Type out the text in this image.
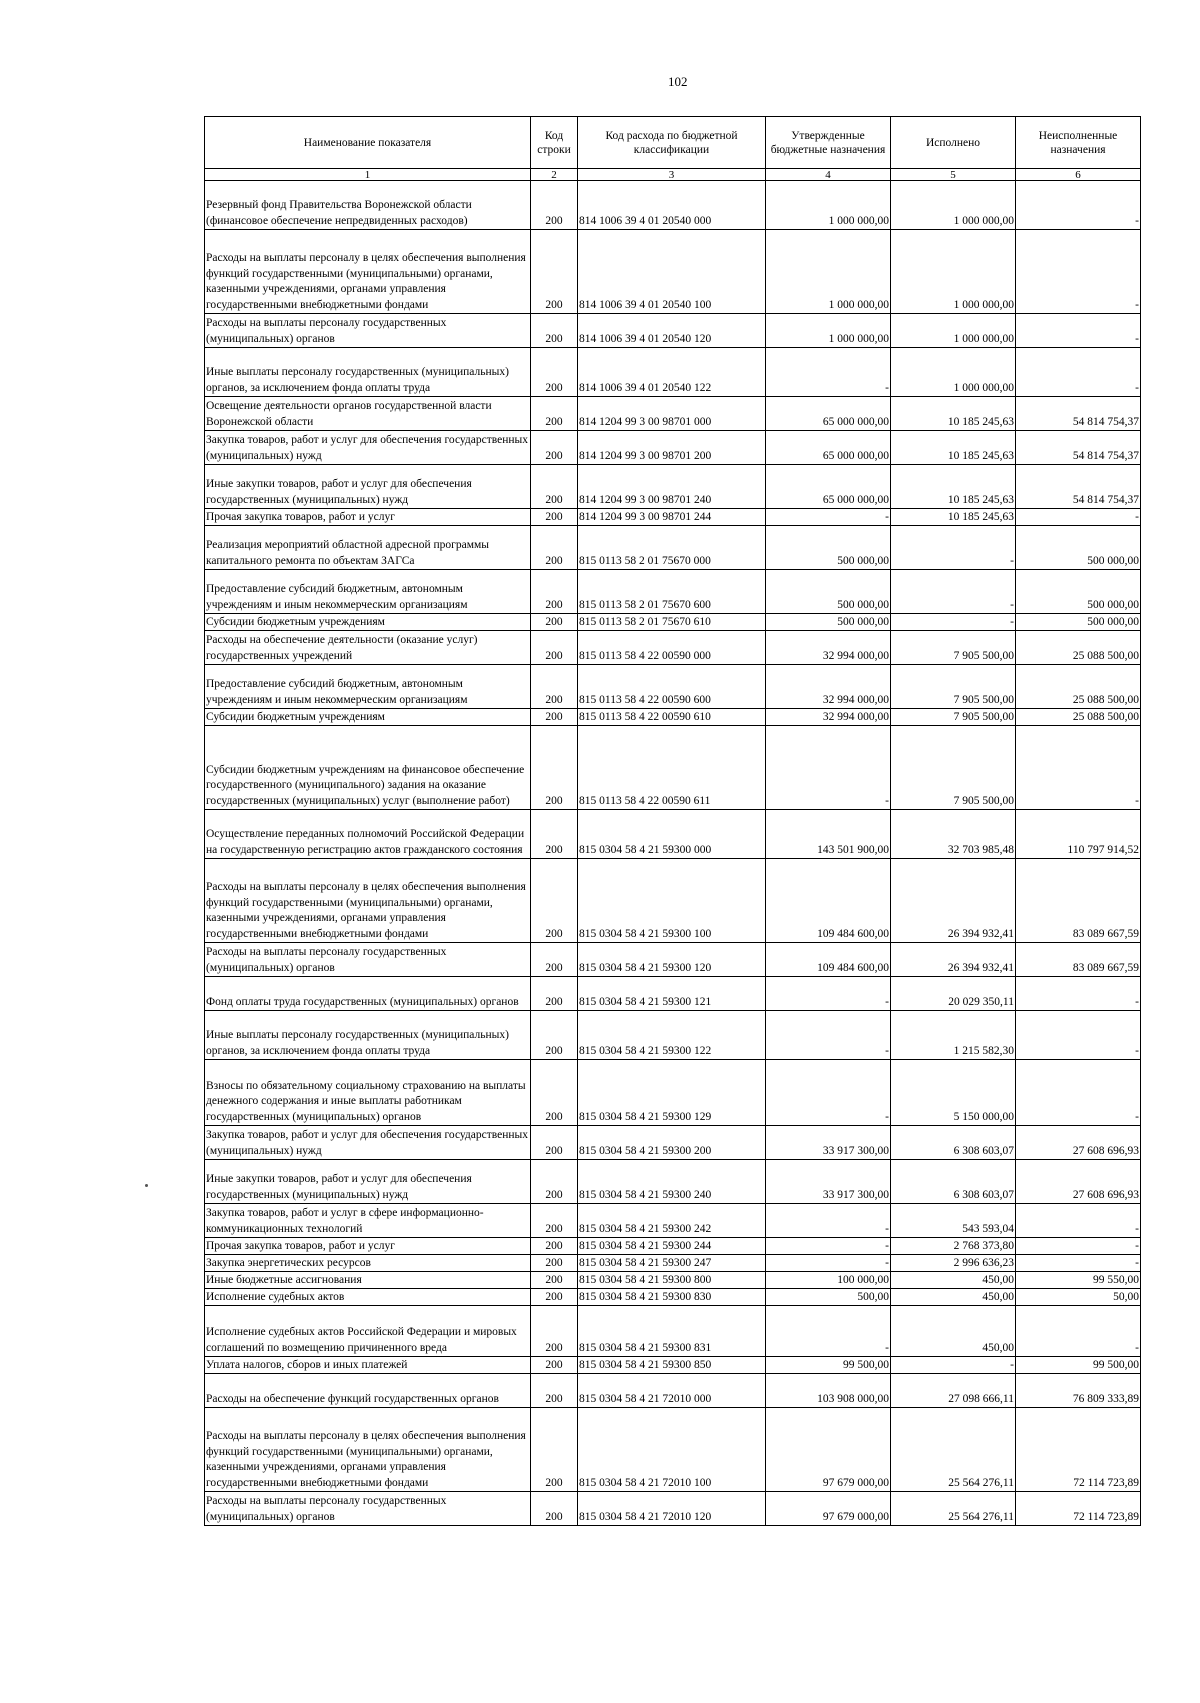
102
Наименование показателя	Код строки	Код расхода по бюджетной классификации	Утвержденные бюджетные назначения	Исполнено	Неисполненные назначения
1	2	3	4	5	6
Резервный фонд Правительства Воронежской области (финансовое обеспечение непредвиденных расходов)	200	814 1006 39 4 01 20540 000	1 000 000,00	1 000 000,00	-
Расходы на выплаты персоналу в целях обеспечения выполнения функций государственными (муниципальными) органами, казенными учреждениями, органами управления государственными внебюджетными фондами	200	814 1006 39 4 01 20540 100	1 000 000,00	1 000 000,00	-
Расходы на выплаты персоналу государственных (муниципальных) органов	200	814 1006 39 4 01 20540 120	1 000 000,00	1 000 000,00	-
Иные выплаты персоналу государственных (муниципальных) органов, за исключением фонда оплаты труда	200	814 1006 39 4 01 20540 122	-	1 000 000,00	-
Освещение деятельности органов государственной власти Воронежской области	200	814 1204 99 3 00 98701 000	65 000 000,00	10 185 245,63	54 814 754,37
Закупка товаров, работ и услуг для обеспечения государственных (муниципальных) нужд	200	814 1204 99 3 00 98701 200	65 000 000,00	10 185 245,63	54 814 754,37
Иные закупки товаров, работ и услуг для обеспечения государственных (муниципальных) нужд	200	814 1204 99 3 00 98701 240	65 000 000,00	10 185 245,63	54 814 754,37
Прочая закупка товаров, работ и услуг	200	814 1204 99 3 00 98701 244	-	10 185 245,63	-
Реализация мероприятий областной адресной программы капитального ремонта по объектам ЗАГСа	200	815 0113 58 2 01 75670 000	500 000,00	-	500 000,00
Предоставление субсидий бюджетным, автономным учреждениям и иным некоммерческим организациям	200	815 0113 58 2 01 75670 600	500 000,00	-	500 000,00
Субсидии бюджетным учреждениям	200	815 0113 58 2 01 75670 610	500 000,00	-	500 000,00
Расходы на обеспечение деятельности (оказание услуг) государственных учреждений	200	815 0113 58 4 22 00590 000	32 994 000,00	7 905 500,00	25 088 500,00
Предоставление субсидий бюджетным, автономным учреждениям и иным некоммерческим организациям	200	815 0113 58 4 22 00590 600	32 994 000,00	7 905 500,00	25 088 500,00
Субсидии бюджетным учреждениям	200	815 0113 58 4 22 00590 610	32 994 000,00	7 905 500,00	25 088 500,00
Субсидии бюджетным учреждениям на финансовое обеспечение государственного (муниципального) задания на оказание государственных (муниципальных) услуг (выполнение работ)	200	815 0113 58 4 22 00590 611	-	7 905 500,00	-
Осуществление переданных полномочий Российской Федерации на государственную регистрацию актов гражданского состояния	200	815 0304 58 4 21 59300 000	143 501 900,00	32 703 985,48	110 797 914,52
Расходы на выплаты персоналу в целях обеспечения выполнения функций государственными (муниципальными) органами, казенными учреждениями, органами управления государственными внебюджетными фондами	200	815 0304 58 4 21 59300 100	109 484 600,00	26 394 932,41	83 089 667,59
Расходы на выплаты персоналу государственных (муниципальных) органов	200	815 0304 58 4 21 59300 120	109 484 600,00	26 394 932,41	83 089 667,59
Фонд оплаты труда государственных (муниципальных) органов	200	815 0304 58 4 21 59300 121	-	20 029 350,11	-
Иные выплаты персоналу государственных (муниципальных) органов, за исключением фонда оплаты труда	200	815 0304 58 4 21 59300 122	-	1 215 582,30	-
Взносы по обязательному социальному страхованию на выплаты денежного содержания и иные выплаты работникам государственных (муниципальных) органов	200	815 0304 58 4 21 59300 129	-	5 150 000,00	-
Закупка товаров, работ и услуг для обеспечения государственных (муниципальных) нужд	200	815 0304 58 4 21 59300 200	33 917 300,00	6 308 603,07	27 608 696,93
Иные закупки товаров, работ и услуг для обеспечения государственных (муниципальных) нужд	200	815 0304 58 4 21 59300 240	33 917 300,00	6 308 603,07	27 608 696,93
Закупка товаров, работ и услуг в сфере информационно-коммуникационных технологий	200	815 0304 58 4 21 59300 242	-	543 593,04	-
Прочая закупка товаров, работ и услуг	200	815 0304 58 4 21 59300 244	-	2 768 373,80	-
Закупка энергетических ресурсов	200	815 0304 58 4 21 59300 247	-	2 996 636,23	-
Иные бюджетные ассигнования	200	815 0304 58 4 21 59300 800	100 000,00	450,00	99 550,00
Исполнение судебных актов	200	815 0304 58 4 21 59300 830	500,00	450,00	50,00
Исполнение судебных актов Российской Федерации и мировых соглашений по возмещению причиненного вреда	200	815 0304 58 4 21 59300 831	-	450,00	-
Уплата налогов, сборов и иных платежей	200	815 0304 58 4 21 59300 850	99 500,00	-	99 500,00
Расходы на обеспечение функций государственных органов	200	815 0304 58 4 21 72010 000	103 908 000,00	27 098 666,11	76 809 333,89
Расходы на выплаты персоналу в целях обеспечения выполнения функций государственными (муниципальными) органами, казенными учреждениями, органами управления государственными внебюджетными фондами	200	815 0304 58 4 21 72010 100	97 679 000,00	25 564 276,11	72 114 723,89
Расходы на выплаты персоналу государственных (муниципальных) органов	200	815 0304 58 4 21 72010 120	97 679 000,00	25 564 276,11	72 114 723,89
